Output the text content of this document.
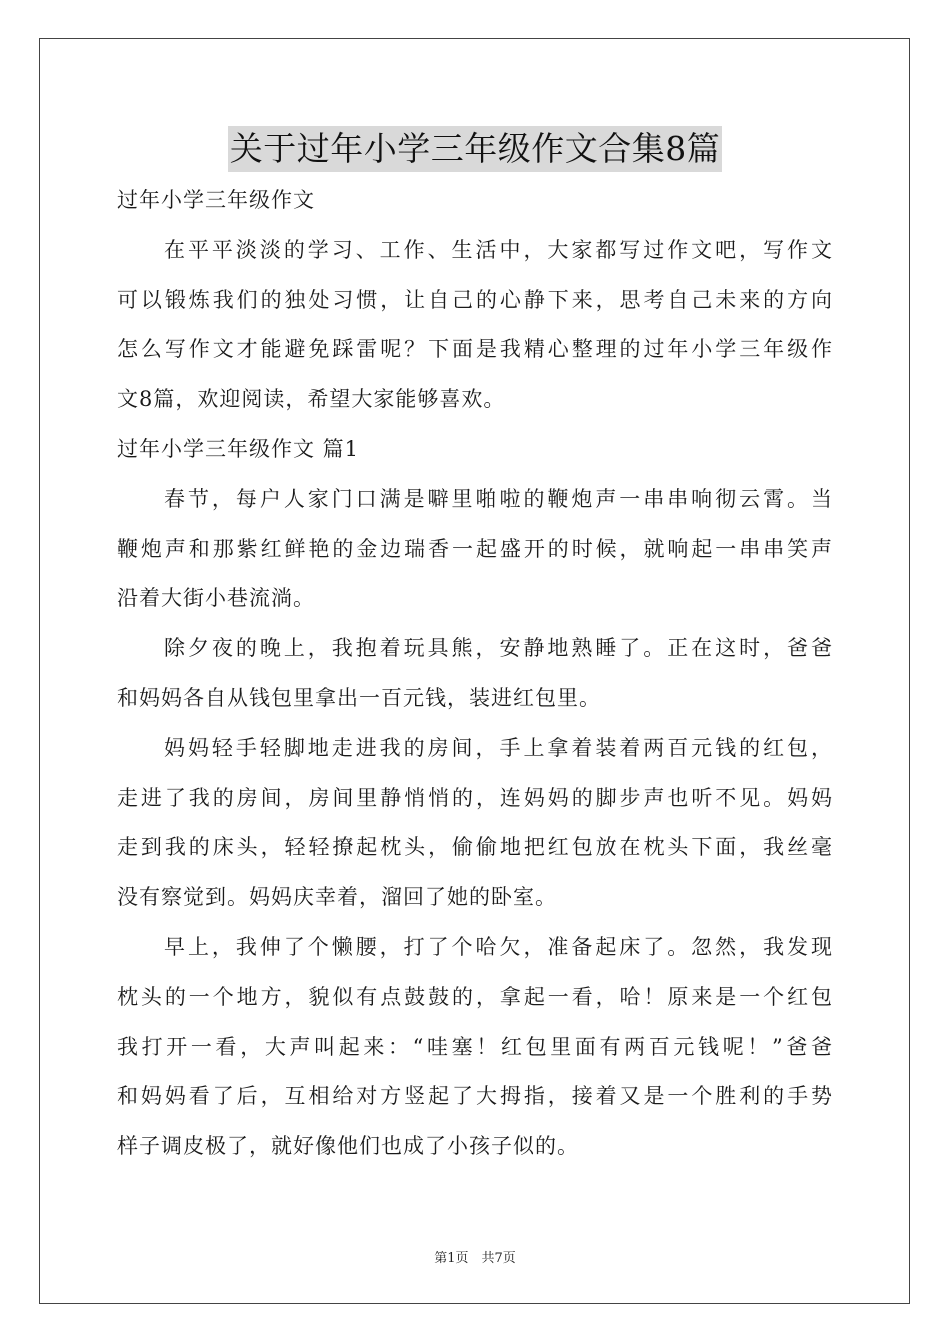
关于过年小学三年级作文合集8篇
过年小学三年级作文
在平平淡淡的学习、工作、生活中，大家都写过作文吧，写作文
可以锻炼我们的独处习惯，让自己的心静下来，思考自己未来的方向
怎么写作文才能避免踩雷呢？下面是我精心整理的过年小学三年级作
文8篇，欢迎阅读，希望大家能够喜欢。
过年小学三年级作文 篇1
春节，每户人家门口满是噼里啪啦的鞭炮声一串串响彻云霄。当
鞭炮声和那紫红鲜艳的金边瑞香一起盛开的时候，就响起一串串笑声
沿着大街小巷流淌。
除夕夜的晚上，我抱着玩具熊，安静地熟睡了。正在这时，爸爸
和妈妈各自从钱包里拿出一百元钱，装进红包里。
妈妈轻手轻脚地走进我的房间，手上拿着装着两百元钱的红包，
走进了我的房间，房间里静悄悄的，连妈妈的脚步声也听不见。妈妈
走到我的床头，轻轻撩起枕头，偷偷地把红包放在枕头下面，我丝毫
没有察觉到。妈妈庆幸着，溜回了她的卧室。
早上，我伸了个懒腰，打了个哈欠，准备起床了。忽然，我发现
枕头的一个地方，貌似有点鼓鼓的，拿起一看，哈！原来是一个红包
我打开一看，大声叫起来：“哇塞！红包里面有两百元钱呢！”爸爸
和妈妈看了后，互相给对方竖起了大拇指，接着又是一个胜利的手势
样子调皮极了，就好像他们也成了小孩子似的。
第1页　共7页
